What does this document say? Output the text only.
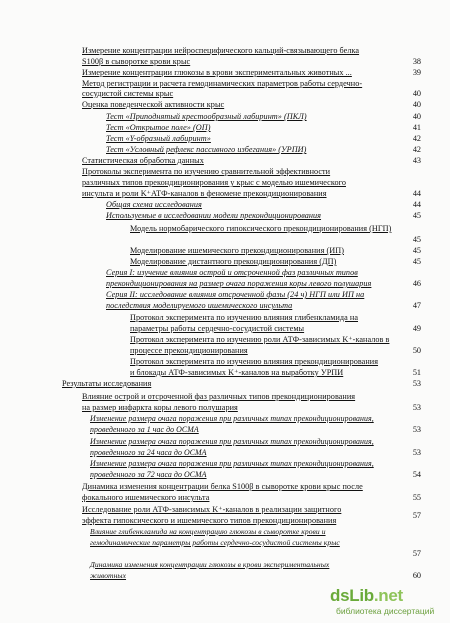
Измерение концентрации нейроспецифического кальций-связывающего белка
S100β в сыворотке крови крыс	38
Измерение концентрации глюкозы в крови экспериментальных животных ...	39
Метод регистрации и расчета гемодинамических параметров работы сердечно-
сосудистой системы крыс	40
Оценка поведенческой активности крыс	40
Тест «Приподнятый крестообразный лабиринт» (ПКЛ)	40
Тест «Открытое поле» (ОП)	41
Тест «Y-образный лабиринт»	42
Тест «Условный рефлекс пассивного избегания» (УРПИ)	42
Статистическая обработка данных	43
Протоколы эксперимента по изучению сравнительной эффективности
различных типов прекондиционирования у крыс с моделью ишемического
инсульта и роли K⁺ATФ-каналов в феномене прекондиционирования	44
Общая схема исследования	44
Используемые в исследовании модели прекондиционирования	45
Модель нормобарического гипоксического прекондиционирования (НГП)
45
Моделирование ишемического прекондиционирования (ИП)	45
Моделирование дистантного прекондиционирования (ДП)	45
Серия I: изучение влияния острой и отсроченной фаз различных типов
прекондиционирования на размер очага поражения коры левого полушария	46
Серия II: исследование влияния отсроченной фазы (24 ч) НГП или ИП на
последствия моделируемого ишемического инсульта	47
Протокол эксперимента по изучению влияния глибенкламида на
параметры работы сердечно-сосудистой системы	49
Протокол эксперимента по изучению роли АТФ-зависимых K⁺-каналов в
процессе прекондиционирования	50
Протокол эксперимента по изучению влияния прекондиционирования
и блокады АТФ-зависимых K⁺-каналов на выработку УРПИ	51
Результаты исследования	53
Влияние острой и отсроченной фаз различных типов прекондиционирования
на размер инфаркта коры левого полушария	53
Изменение размера очага поражения при различных типах прекондиционирования,
проведенного за 1 час до ОСМА	53
Изменение размера очага поражения при различных типах прекондиционирования,
проведенного за 24 часа до ОСМА	53
Изменение размера очага поражения при различных типах прекондиционирования,
проведенного за 72 часа до ОСМА	54
Динамика изменения концентрации белка S100β в сыворотке крови крыс после
фокального ишемического инсульта	55
Исследование роли АТФ-зависимых K⁺-каналов в реализации защитного
эффекта гипоксического и ишемического типов прекондиционирования
57
Влияние глибенкламида на концентрацию глюкозы в сыворотке крови и
гемодинамические параметры работы сердечно-сосудистой системы крыс
57
Динамика изменения концентрации глюкозы в крови экспериментальных
животных	60
dsLib.net
библиотека диссертаций
